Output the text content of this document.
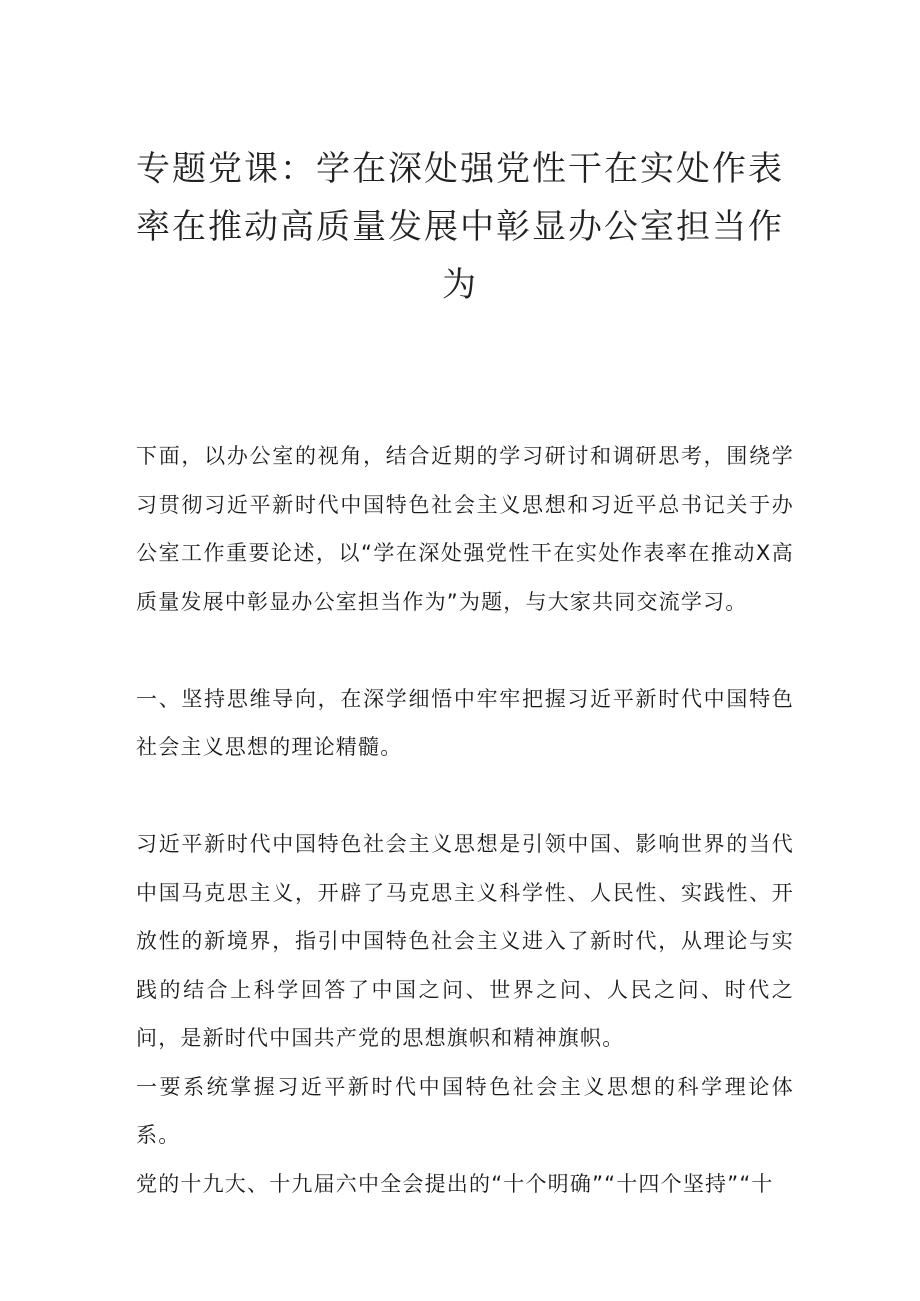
专题党课：学在深处强党性干在实处作表率在推动高质量发展中彰显办公室担当作为

下面，以办公室的视角，结合近期的学习研讨和调研思考，围绕学习贯彻习近平新时代中国特色社会主义思想和习近平总书记关于办公室工作重要论述，以“学在深处强党性干在实处作表率在推动X高质量发展中彰显办公室担当作为”为题，与大家共同交流学习。

一、坚持思维导向，在深学细悟中牢牢把握习近平新时代中国特色社会主义思想的理论精髓。

习近平新时代中国特色社会主义思想是引领中国、影响世界的当代中国马克思主义，开辟了马克思主义科学性、人民性、实践性、开放性的新境界，指引中国特色社会主义进入了新时代，从理论与实践的结合上科学回答了中国之问、世界之问、人民之问、时代之问，是新时代中国共产党的思想旗帜和精神旗帜。

一要系统掌握习近平新时代中国特色社会主义思想的科学理论体系。

党的十九大、十九届六中全会提出的“十个明确”“十四个坚持”“十
